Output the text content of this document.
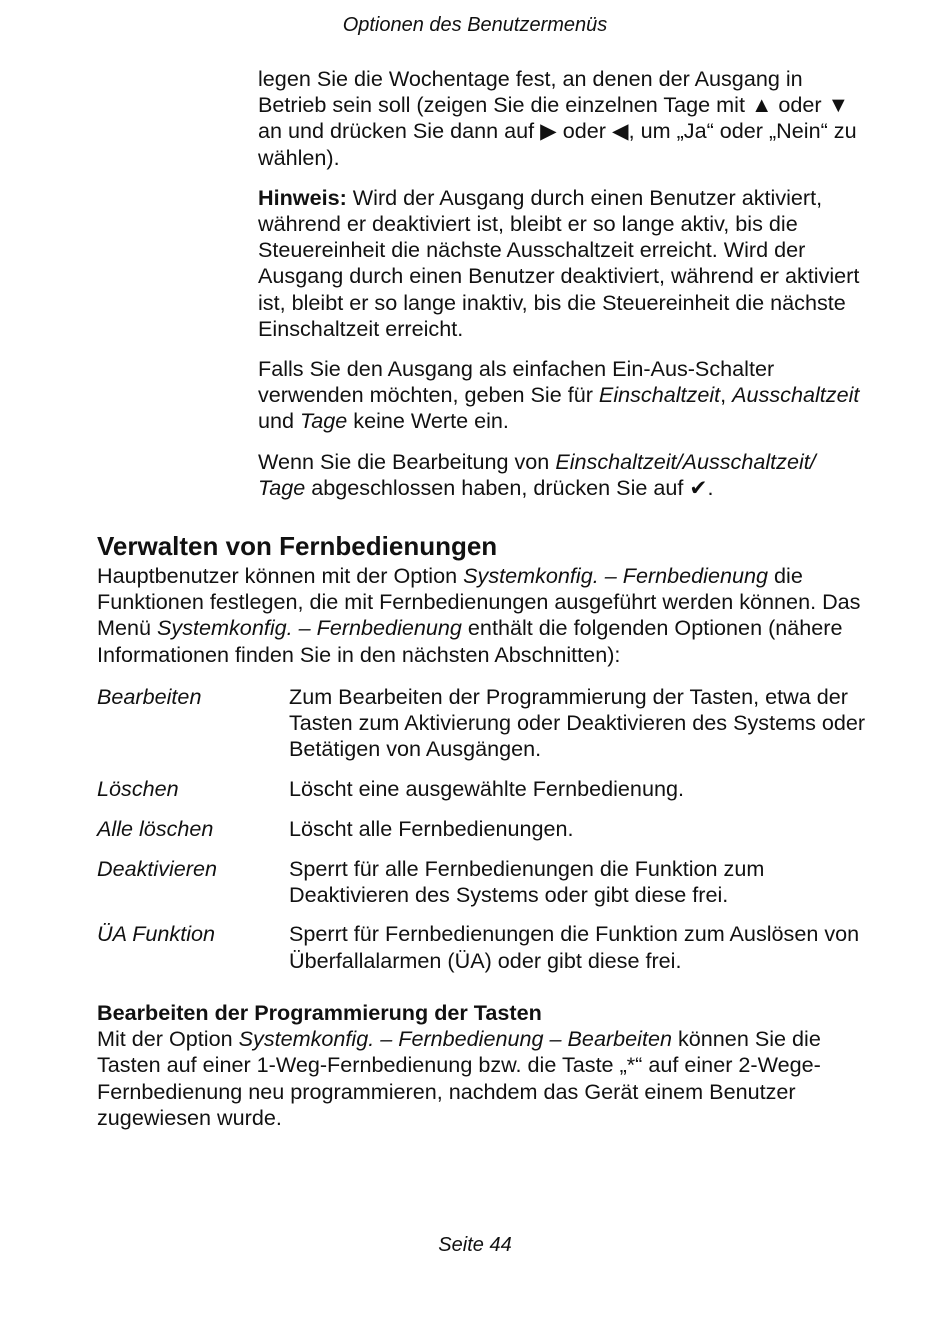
Optionen des Benutzermenüs

legen Sie die Wochentage fest, an denen der Ausgang in Betrieb sein soll (zeigen Sie die einzelnen Tage mit ▲ oder ▼ an und drücken Sie dann auf ▶ oder ◀, um „Ja“ oder „Nein“ zu wählen).

Hinweis: Wird der Ausgang durch einen Benutzer aktiviert, während er deaktiviert ist, bleibt er so lange aktiv, bis die Steuereinheit die nächste Ausschaltzeit erreicht. Wird der Ausgang durch einen Benutzer deaktiviert, während er aktiviert ist, bleibt er so lange inaktiv, bis die Steuereinheit die nächste Einschaltzeit erreicht.

Falls Sie den Ausgang als einfachen Ein-Aus-Schalter verwenden möchten, geben Sie für Einschaltzeit, Ausschaltzeit und Tage keine Werte ein.

Wenn Sie die Bearbeitung von Einschaltzeit/Ausschaltzeit/ Tage abgeschlossen haben, drücken Sie auf ✔.

Verwalten von Fernbedienungen

Hauptbenutzer können mit der Option Systemkonfig. – Fernbedienung die Funktionen festlegen, die mit Fernbedienungen ausgeführt werden können. Das Menü Systemkonfig. – Fernbedienung enthält die folgenden Optionen (nähere Informationen finden Sie in den nächsten Abschnitten):

Bearbeiten	Zum Bearbeiten der Programmierung der Tasten, etwa der Tasten zum Aktivierung oder Deaktivieren des Systems oder Betätigen von Ausgängen.
Löschen	Löscht eine ausgewählte Fernbedienung.
Alle löschen	Löscht alle Fernbedienungen.
Deaktivieren	Sperrt für alle Fernbedienungen die Funktion zum Deaktivieren des Systems oder gibt diese frei.
ÜA Funktion	Sperrt für Fernbedienungen die Funktion zum Auslösen von Überfallalarmen (ÜA) oder gibt diese frei.
Bearbeiten der Programmierung der Tasten

Mit der Option Systemkonfig. – Fernbedienung – Bearbeiten können Sie die Tasten auf einer 1-Weg-Fernbedienung bzw. die Taste „*“ auf einer 2-Wege-Fernbedienung neu programmieren, nachdem das Gerät einem Benutzer zugewiesen wurde.

Seite 44
